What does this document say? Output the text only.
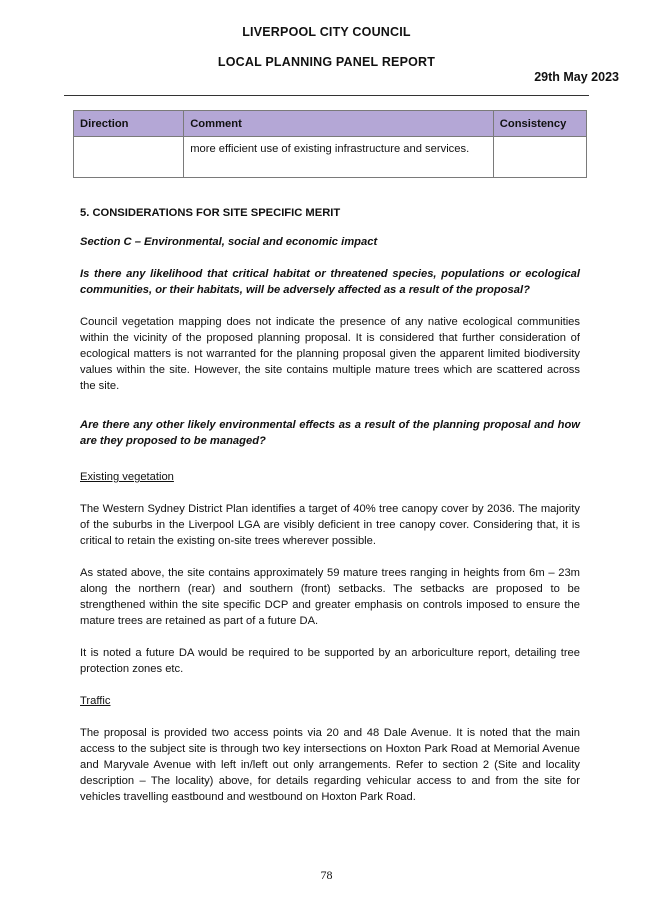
LIVERPOOL CITY COUNCIL
LOCAL PLANNING PANEL REPORT
29th May 2023
Direction	Comment	Consistency
	more efficient use of existing infrastructure and services.	

5. CONSIDERATIONS FOR SITE SPECIFIC MERIT

Section C – Environmental, social and economic impact

Is there any likelihood that critical habitat or threatened species, populations or ecological communities, or their habitats, will be adversely affected as a result of the proposal?

Council vegetation mapping does not indicate the presence of any native ecological communities within the vicinity of the proposed planning proposal. It is considered that further consideration of ecological matters is not warranted for the planning proposal given the apparent limited biodiversity values within the site. However, the site contains multiple mature trees which are scattered across the site.

Are there any other likely environmental effects as a result of the planning proposal and how are they proposed to be managed?

Existing vegetation

The Western Sydney District Plan identifies a target of 40% tree canopy cover by 2036. The majority of the suburbs in the Liverpool LGA are visibly deficient in tree canopy cover. Considering that, it is critical to retain the existing on-site trees wherever possible.

As stated above, the site contains approximately 59 mature trees ranging in heights from 6m – 23m along the northern (rear) and southern (front) setbacks. The setbacks are proposed to be strengthened within the site specific DCP and greater emphasis on controls imposed to ensure the mature trees are retained as part of a future DA.

It is noted a future DA would be required to be supported by an arboriculture report, detailing tree protection zones etc.

Traffic

The proposal is provided two access points via 20 and 48 Dale Avenue. It is noted that the main access to the subject site is through two key intersections on Hoxton Park Road at Memorial Avenue and Maryvale Avenue with left in/left out only arrangements. Refer to section 2 (Site and locality description – The locality) above, for details regarding vehicular access to and from the site for vehicles travelling eastbound and westbound on Hoxton Park Road.

78
